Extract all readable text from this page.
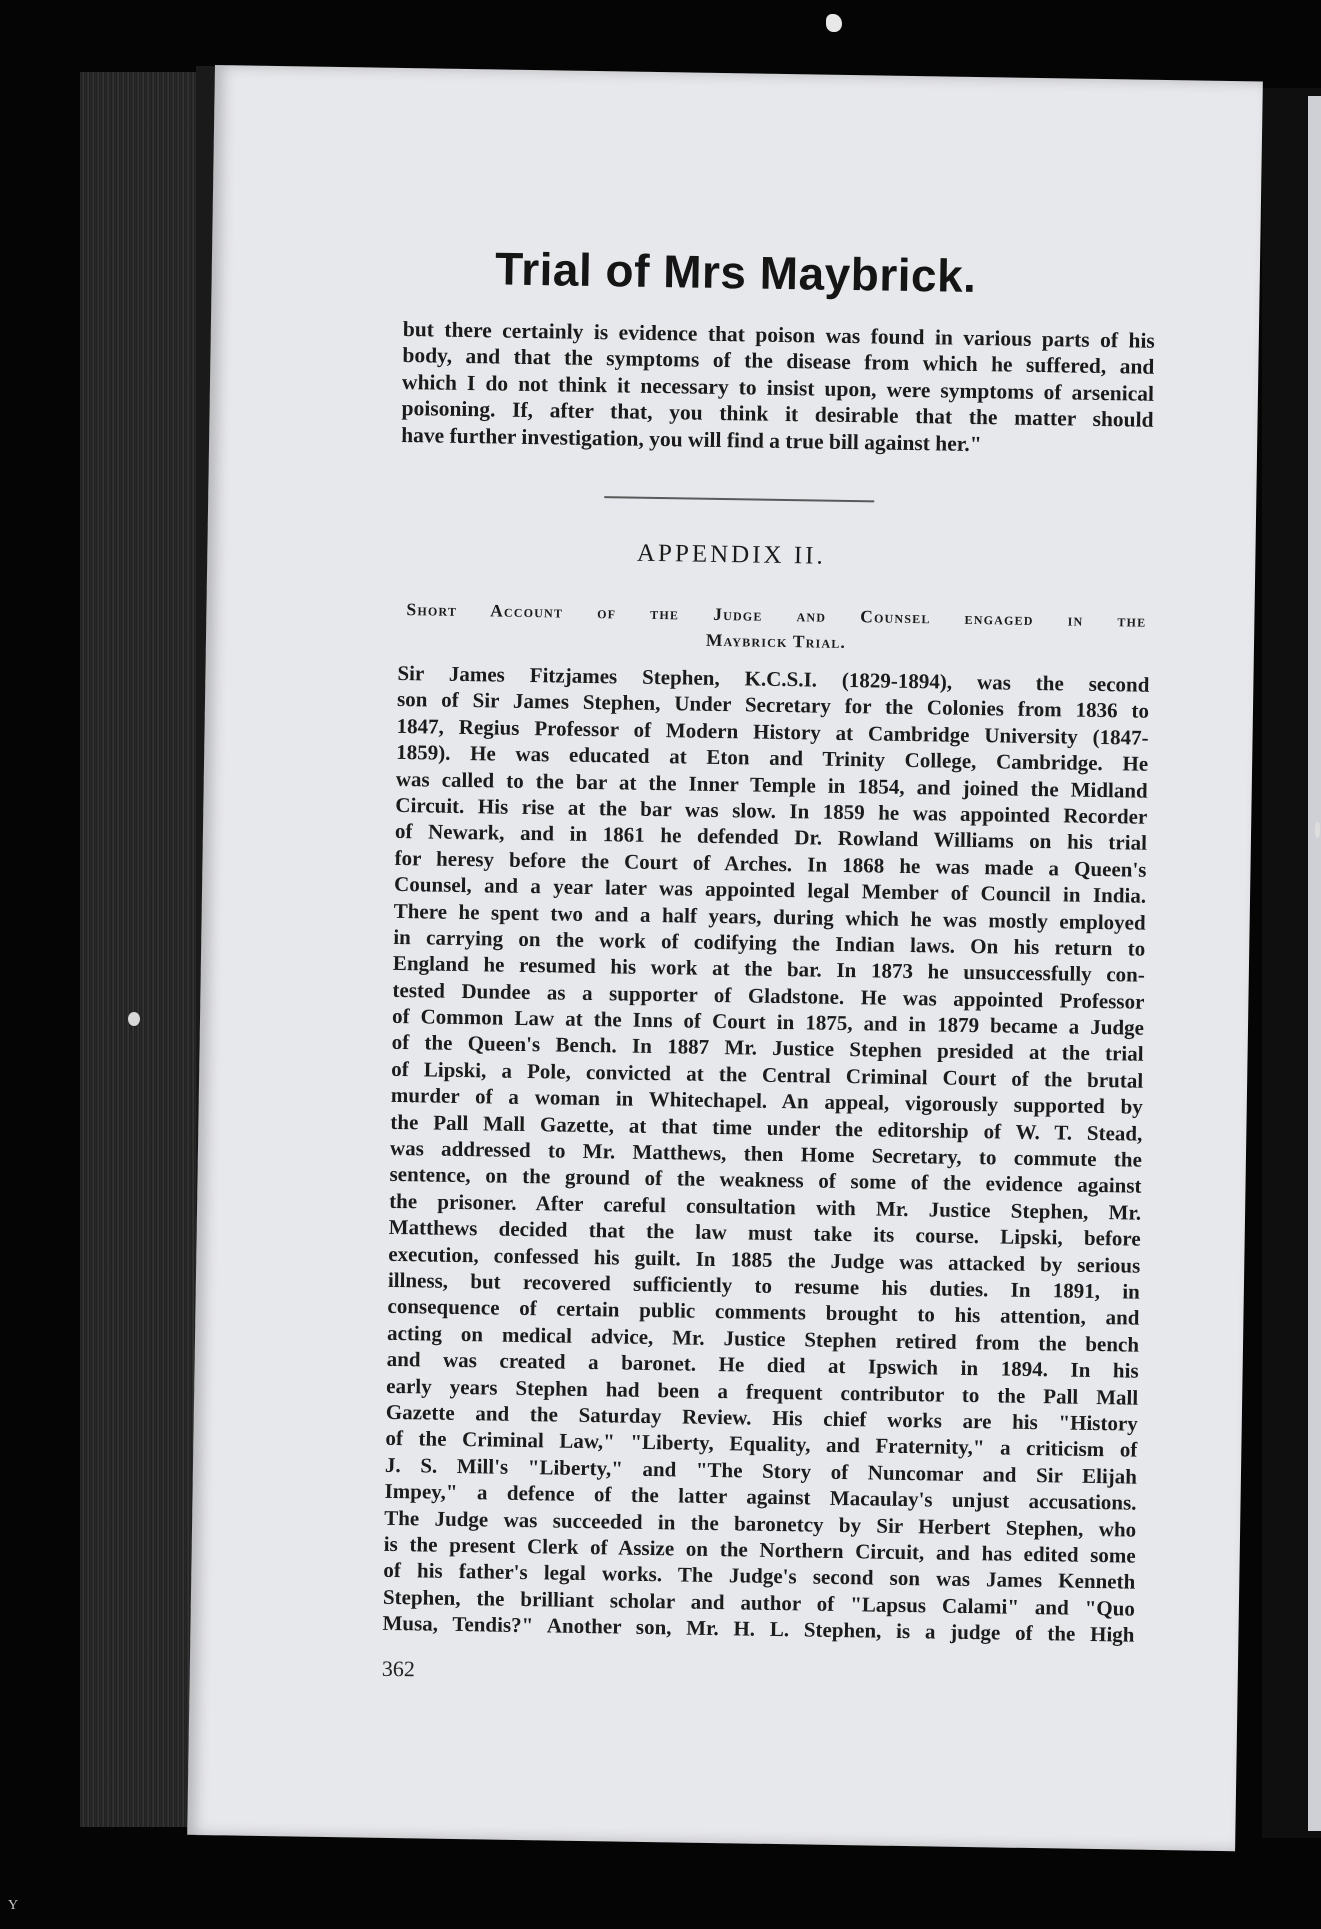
Y
Trial of Mrs Maybrick.
but there certainly is evidence that poison was found in various parts of his
body, and that the symptoms of the disease from which he suffered, and
which I do not think it necessary to insist upon, were symptoms of arsenical
poisoning. If, after that, you think it desirable that the matter should
have further investigation, you will find a true bill against her."
APPENDIX II.
Short Account of the Judge and Counsel engaged in the
Maybrick Trial.
Sir James Fitzjames Stephen, K.C.S.I. (1829-1894), was the second
son of Sir James Stephen, Under Secretary for the Colonies from 1836 to
1847, Regius Professor of Modern History at Cambridge University (1847-
1859). He was educated at Eton and Trinity College, Cambridge. He
was called to the bar at the Inner Temple in 1854, and joined the Midland
Circuit. His rise at the bar was slow. In 1859 he was appointed Recorder
of Newark, and in 1861 he defended Dr. Rowland Williams on his trial
for heresy before the Court of Arches. In 1868 he was made a Queen's
Counsel, and a year later was appointed legal Member of Council in India.
There he spent two and a half years, during which he was mostly employed
in carrying on the work of codifying the Indian laws. On his return to
England he resumed his work at the bar. In 1873 he unsuccessfully con-
tested Dundee as a supporter of Gladstone. He was appointed Professor
of Common Law at the Inns of Court in 1875, and in 1879 became a Judge
of the Queen's Bench. In 1887 Mr. Justice Stephen presided at the trial
of Lipski, a Pole, convicted at the Central Criminal Court of the brutal
murder of a woman in Whitechapel. An appeal, vigorously supported by
the Pall Mall Gazette, at that time under the editorship of W. T. Stead,
was addressed to Mr. Matthews, then Home Secretary, to commute the
sentence, on the ground of the weakness of some of the evidence against
the prisoner. After careful consultation with Mr. Justice Stephen, Mr.
Matthews decided that the law must take its course. Lipski, before
execution, confessed his guilt. In 1885 the Judge was attacked by serious
illness, but recovered sufficiently to resume his duties. In 1891, in
consequence of certain public comments brought to his attention, and
acting on medical advice, Mr. Justice Stephen retired from the bench
and was created a baronet. He died at Ipswich in 1894. In his
early years Stephen had been a frequent contributor to the Pall Mall
Gazette and the Saturday Review. His chief works are his "History
of the Criminal Law," "Liberty, Equality, and Fraternity," a criticism of
J. S. Mill's "Liberty," and "The Story of Nuncomar and Sir Elijah
Impey," a defence of the latter against Macaulay's unjust accusations.
The Judge was succeeded in the baronetcy by Sir Herbert Stephen, who
is the present Clerk of Assize on the Northern Circuit, and has edited some
of his father's legal works. The Judge's second son was James Kenneth
Stephen, the brilliant scholar and author of "Lapsus Calami" and "Quo
Musa, Tendis?" Another son, Mr. H. L. Stephen, is a judge of the High
362
